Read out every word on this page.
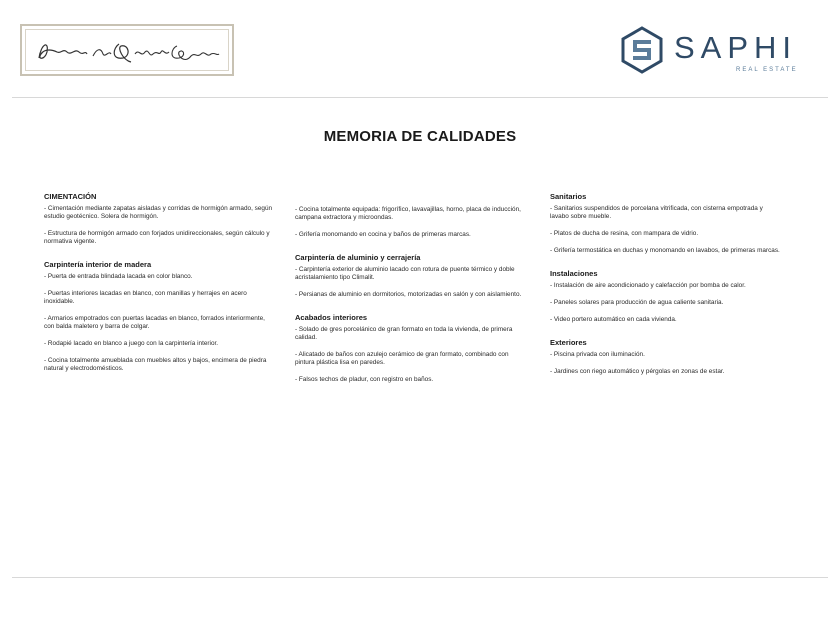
SAPHI
REAL ESTATE
MEMORIA DE CALIDADES
CIMENTACIÓN
- Cimentación mediante zapatas aisladas y corridas de hormigón armado, según estudio geotécnico. Solera de hormigón.
- Estructura de hormigón armado con forjados unidireccionales, según cálculo y normativa vigente.
Carpintería interior de madera
- Puerta de entrada blindada lacada en color blanco.
- Puertas interiores lacadas en blanco, con manillas y herrajes en acero inoxidable.
- Armarios empotrados con puertas lacadas en blanco, forrados interiormente, con balda maletero y barra de colgar.
- Rodapié lacado en blanco a juego con la carpintería interior.
- Cocina totalmente amueblada con muebles altos y bajos, encimera de piedra natural y electrodomésticos.
- Cocina totalmente equipada: frigorífico, lavavajillas, horno, placa de inducción, campana extractora y microondas.
- Grifería monomando en cocina y baños de primeras marcas.
Carpintería de aluminio y cerrajería
- Carpintería exterior de aluminio lacado con rotura de puente térmico y doble acristalamiento tipo Climalit.
- Persianas de aluminio en dormitorios, motorizadas en salón y con aislamiento.
Acabados interiores
- Solado de gres porcelánico de gran formato en toda la vivienda, de primera calidad.
- Alicatado de baños con azulejo cerámico de gran formato, combinado con pintura plástica lisa en paredes.
- Falsos techos de pladur, con registro en baños.
Sanitarios
- Sanitarios suspendidos de porcelana vitrificada, con cisterna empotrada y lavabo sobre mueble.
- Platos de ducha de resina, con mampara de vidrio.
- Grifería termostática en duchas y monomando en lavabos, de primeras marcas.
Instalaciones
- Instalación de aire acondicionado y calefacción por bomba de calor.
- Paneles solares para producción de agua caliente sanitaria.
- Video portero automático en cada vivienda.
Exteriores
- Piscina privada con iluminación.
- Jardines con riego automático y pérgolas en zonas de estar.
